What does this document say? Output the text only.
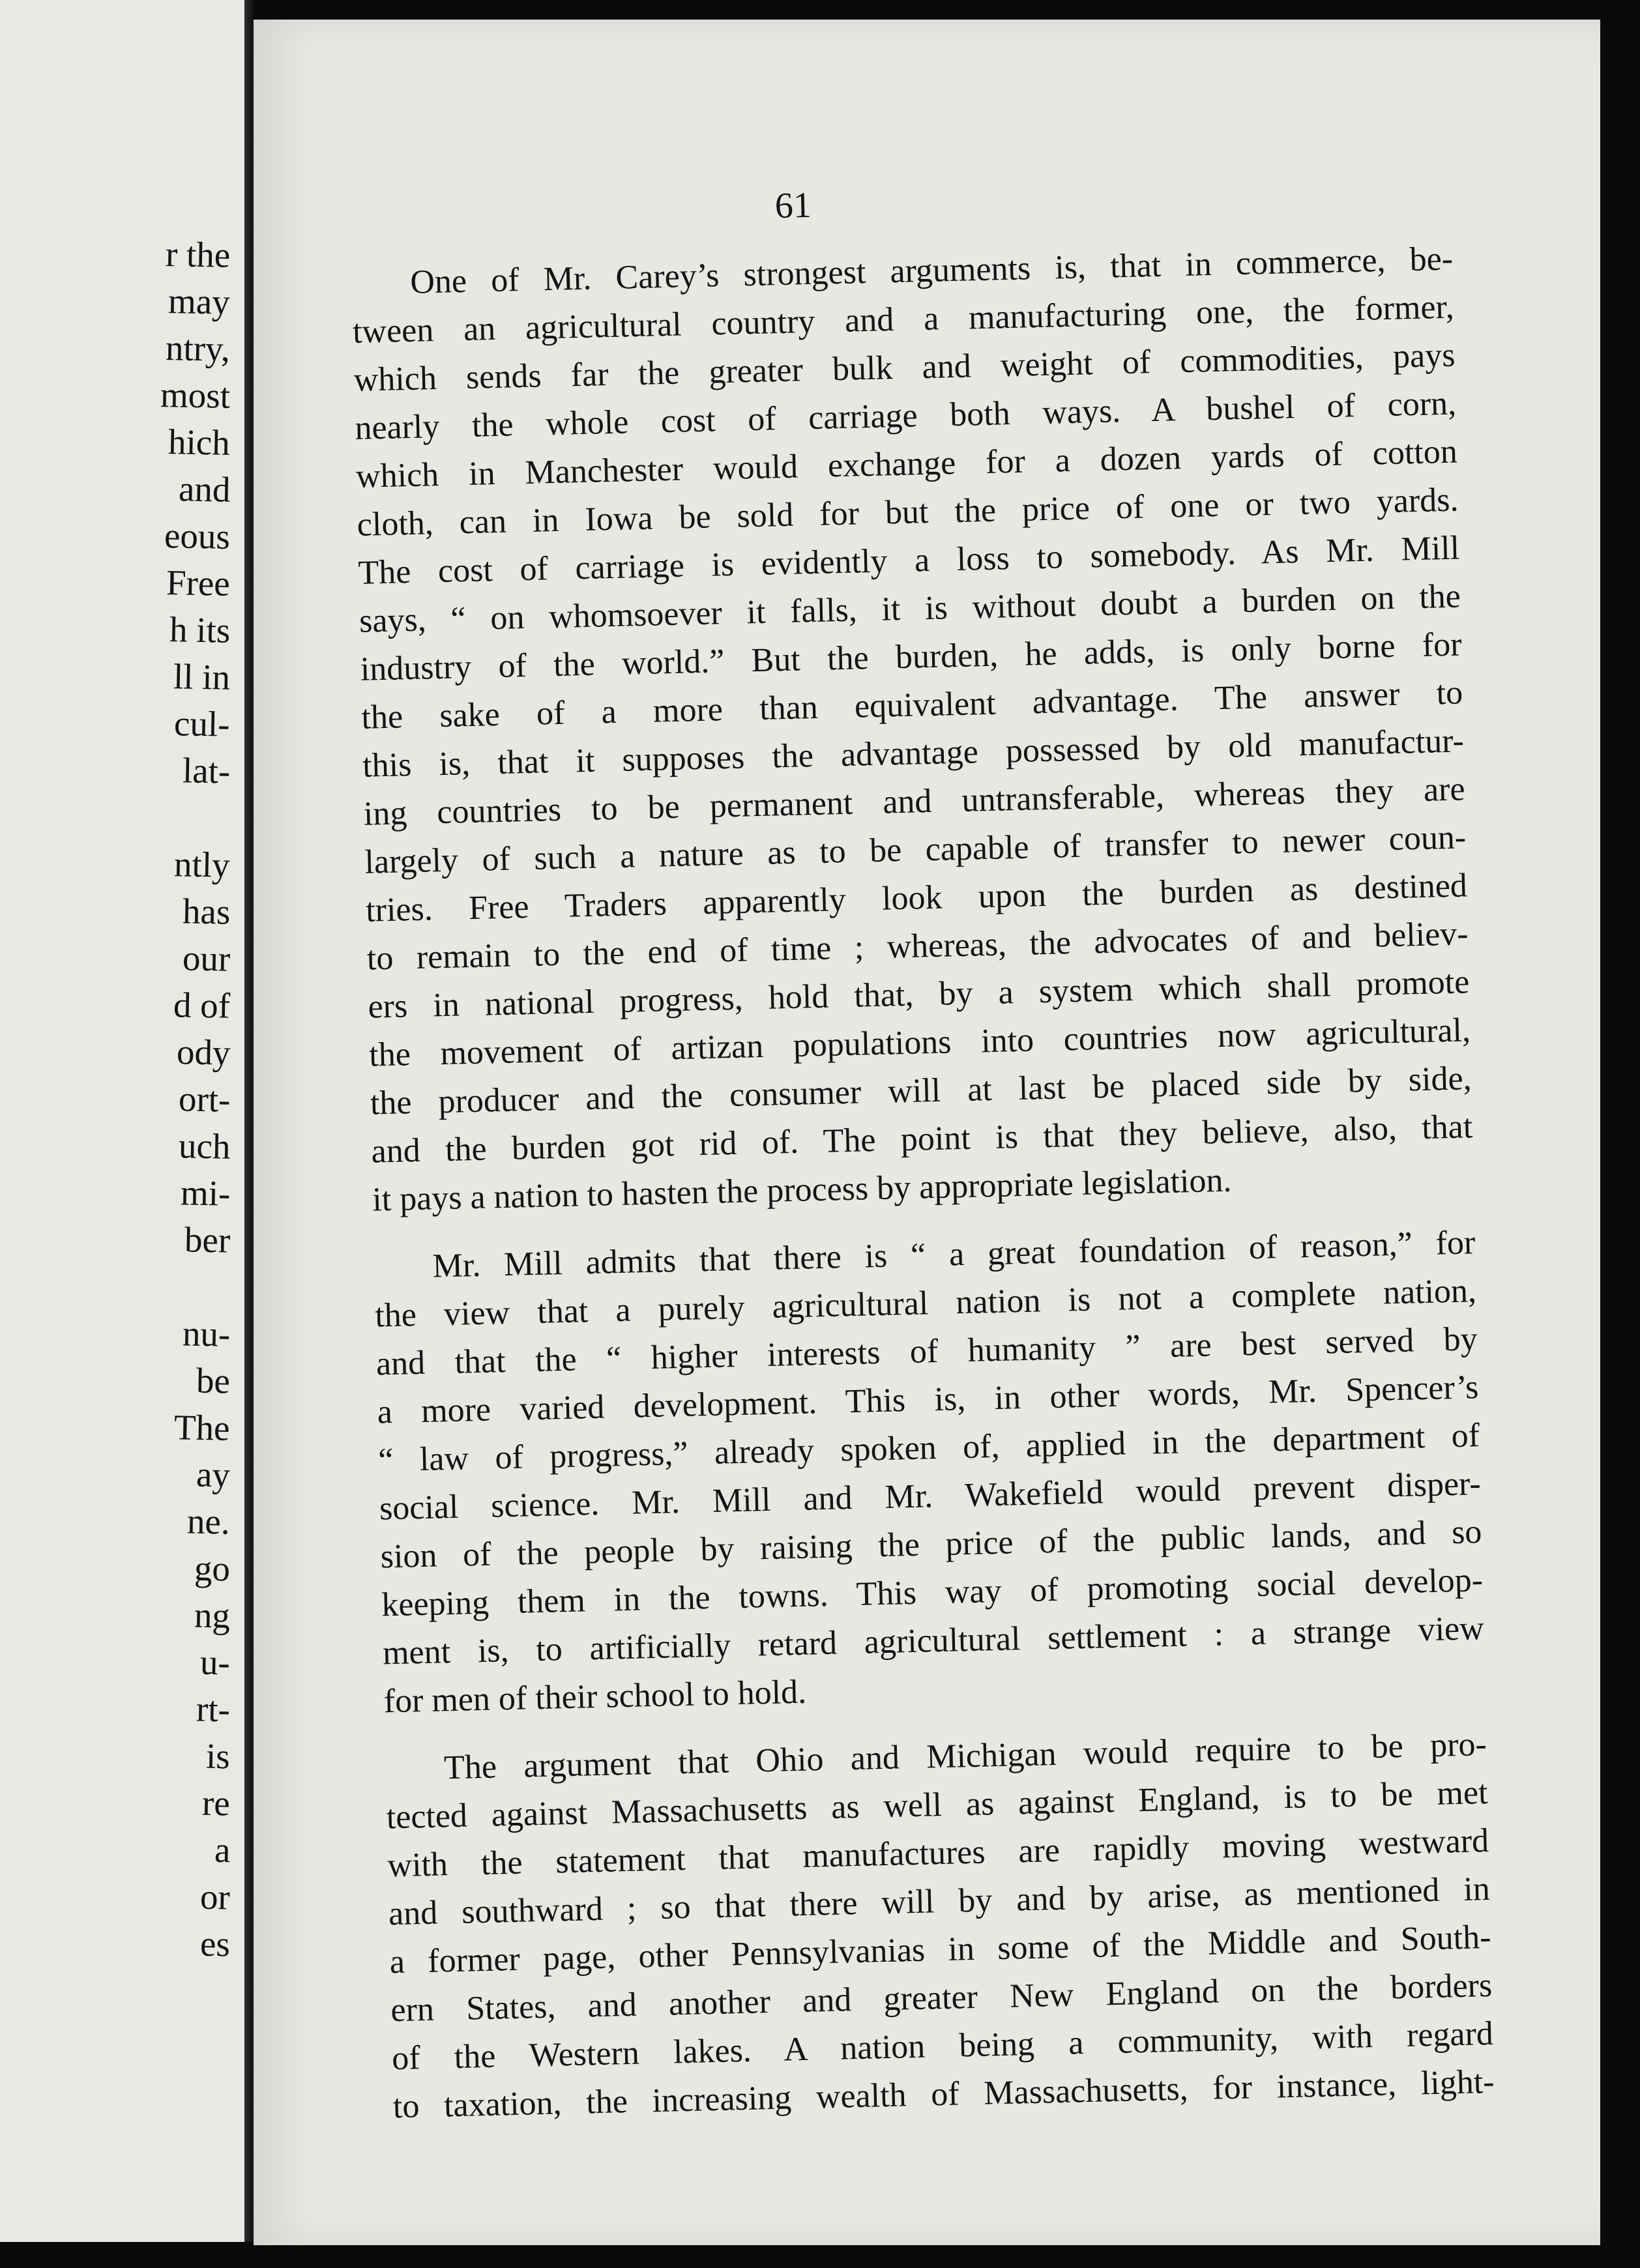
r the
may
ntry,
most
hich
and
eous
Free
h its
ll in
cul-
lat-
ntly
has
our
d of
ody
ort-
uch
mi-
ber
nu-
be
The
ay
ne.
go
ng
u-
rt-
is
re
a
or
es
61
One of Mr. Carey’s strongest arguments is, that in commerce, be-
tween an agricultural country and a manufacturing one, the former,
which sends far the greater bulk and weight of commodities, pays
nearly the whole cost of carriage both ways. A bushel of corn,
which in Manchester would exchange for a dozen yards of cotton
cloth, can in Iowa be sold for but the price of one or two yards.
The cost of carriage is evidently a loss to somebody. As Mr. Mill
says, “ on whomsoever it falls, it is without doubt a burden on the
industry of the world.” But the burden, he adds, is only borne for
the sake of a more than equivalent advantage. The answer to
this is, that it supposes the advantage possessed by old manufactur-
ing countries to be permanent and untransferable, whereas they are
largely of such a nature as to be capable of transfer to newer coun-
tries. Free Traders apparently look upon the burden as destined
to remain to the end of time ; whereas, the advocates of and believ-
ers in national progress, hold that, by a system which shall promote
the movement of artizan populations into countries now agricultural,
the producer and the consumer will at last be placed side by side,
and the burden got rid of. The point is that they believe, also, that
it pays a nation to hasten the process by appropriate legislation.
Mr. Mill admits that there is “ a great foundation of reason,” for
the view that a purely agricultural nation is not a complete nation,
and that the “ higher interests of humanity ” are best served by
a more varied development. This is, in other words, Mr. Spencer’s
“ law of progress,” already spoken of, applied in the department of
social science. Mr. Mill and Mr. Wakefield would prevent disper-
sion of the people by raising the price of the public lands, and so
keeping them in the towns. This way of promoting social develop-
ment is, to artificially retard agricultural settlement : a strange view
for men of their school to hold.
The argument that Ohio and Michigan would require to be pro-
tected against Massachusetts as well as against England, is to be met
with the statement that manufactures are rapidly moving westward
and southward ; so that there will by and by arise, as mentioned in
a former page, other Pennsylvanias in some of the Middle and South-
ern States, and another and greater New England on the borders
of the Western lakes. A nation being a community, with regard
to taxation, the increasing wealth of Massachusetts, for instance, light-
